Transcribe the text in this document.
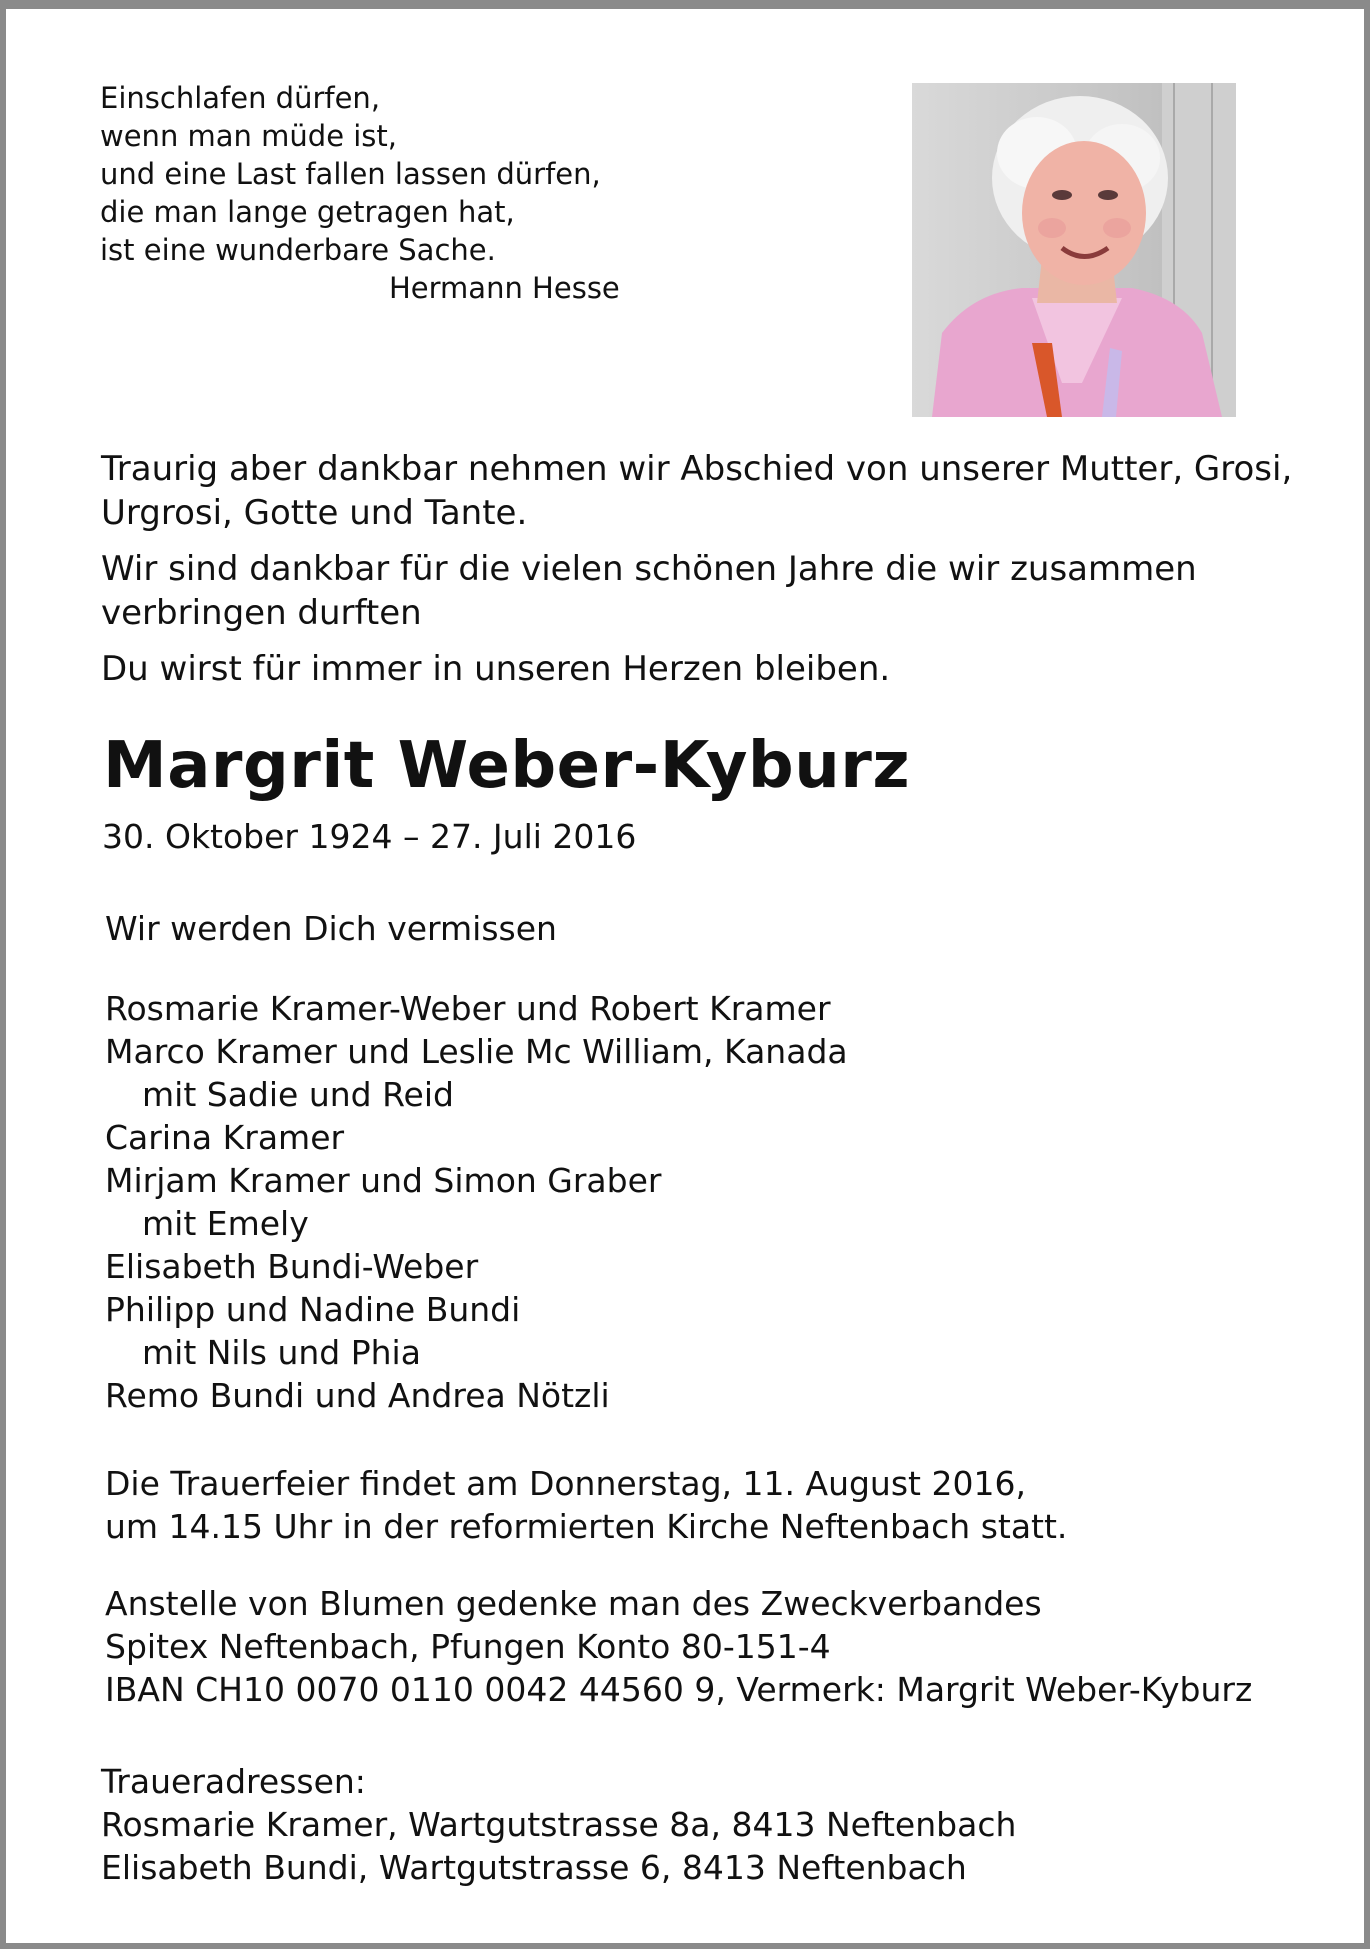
Einschlafen dürfen,
wenn man müde ist,
und eine Last fallen lassen dürfen,
die man lange getragen hat,
ist eine wunderbare Sache.
Hermann Hesse

Traurig aber dankbar nehmen wir Abschied von unserer Mutter, Grosi, Urgrosi, Gotte und Tante.

Wir sind dankbar für die vielen schönen Jahre die wir zusammen verbringen durften

Du wirst für immer in unseren Herzen bleiben.

Margrit Weber-Kyburz
30. Oktober 1924 – 27. Juli 2016
Wir werden Dich vermissen
Rosmarie Kramer-Weber und Robert Kramer
Marco Kramer und Leslie Mc William, Kanada
mit Sadie und Reid
Carina Kramer
Mirjam Kramer und Simon Graber
mit Emely
Elisabeth Bundi-Weber
Philipp und Nadine Bundi
mit Nils und Phia
Remo Bundi und Andrea Nötzli
Die Trauerfeier findet am Donnerstag, 11. August 2016,
um 14.15 Uhr in der reformierten Kirche Neftenbach statt.
Anstelle von Blumen gedenke man des Zweckverbandes
Spitex Neftenbach, Pfungen Konto 80-151-4
IBAN CH10 0070 0110 0042 44560 9, Vermerk: Margrit Weber-Kyburz
Traueradressen:
Rosmarie Kramer, Wartgutstrasse 8a, 8413 Neftenbach
Elisabeth Bundi, Wartgutstrasse 6, 8413 Neftenbach
